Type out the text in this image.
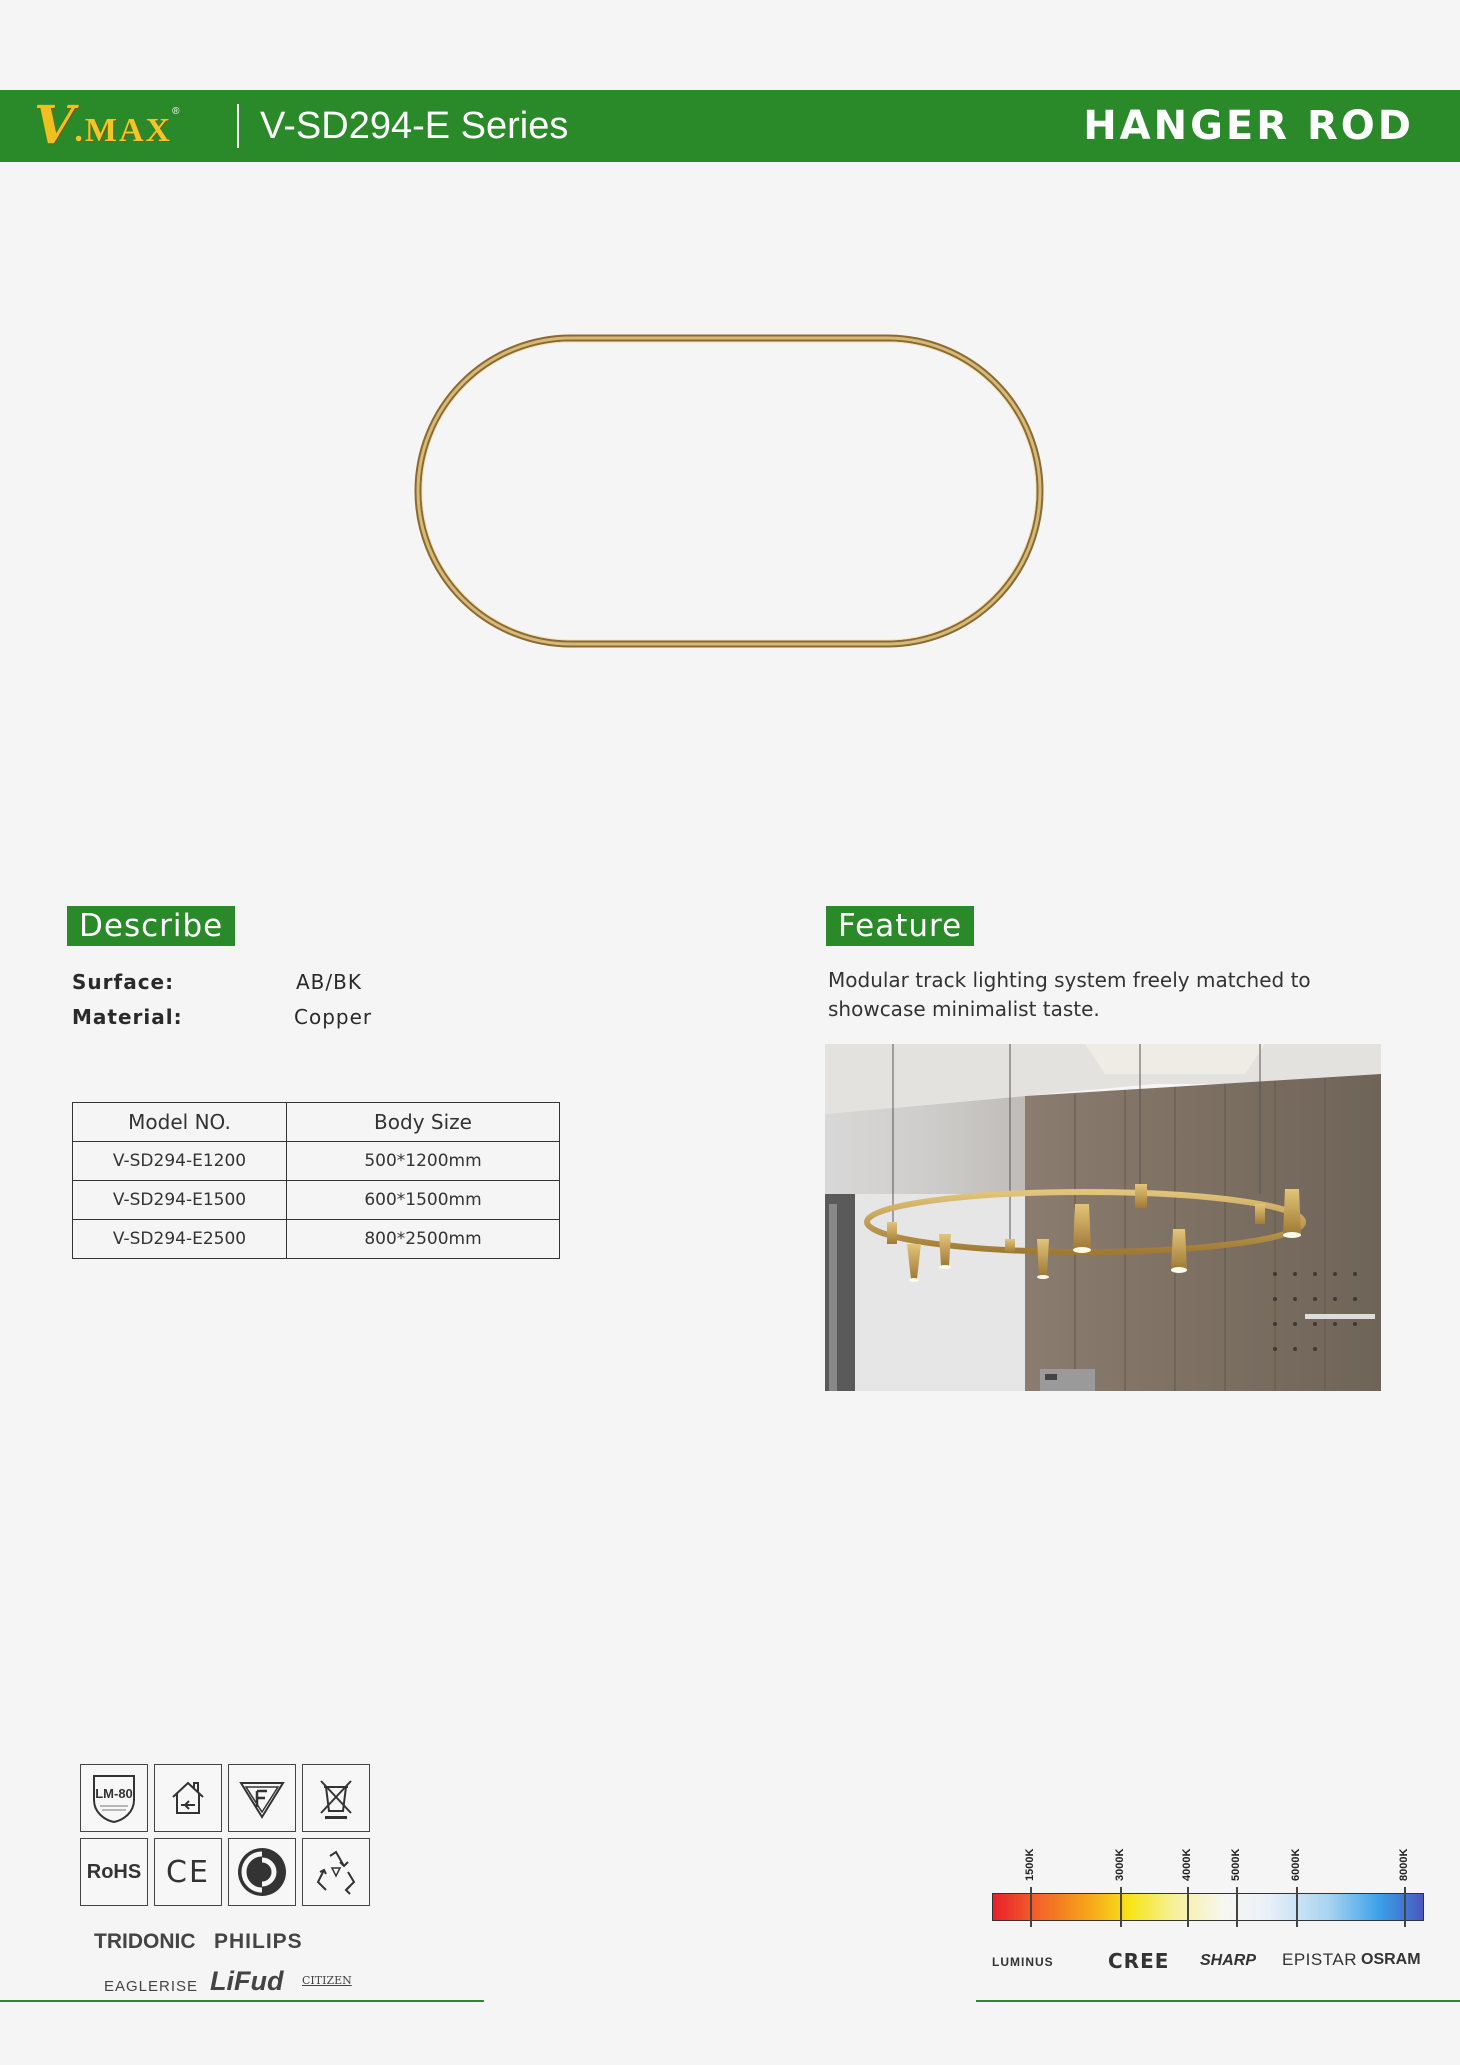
V .MAX
® V-SD294-E Series	HANGER ROD
Describe
Surface:	AB/BK
Material:	Copper
Model NO.	Body Size
V-SD294-E1200	500*1200mm
V-SD294-E1500	600*1500mm
V-SD294-E2500	800*2500mm
Feature
Modular track lighting system freely matched to showcase minimalist taste.
LM-80
RoHS CE
TRIDONIC PHILIPS
EAGLERISE LiFud CITIZEN
1500K	3000K	4000K	5000K	6000K	8000K
LUMINUS	CREE SHARP EPISTAR OSRAM
